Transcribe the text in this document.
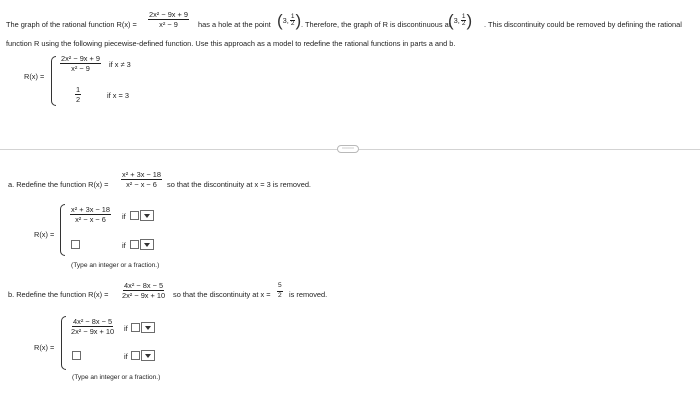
The graph of the rational function $R(x) = \frac{\text{2x² − 9x + 9}}{\text{x² − 9}}$ has a hole at the point ( 3, $\frac{1}{2}$ ) . Therefore, the graph of R is discontinuous at
( 3, $\frac{1}{2}$ ) . This discontinuity could be removed by defining the rational
function R using the following piecewise-defined function. Use this approach as a model to redefine the rational functions in parts a and b.
R(x) =
$\frac{\text{2x² − 9x + 9}}{\text{x² − 9}}$ if x ≠ 3
$\frac{1}{2}$	if x = 3
⋯⋯
a. Redefine the function $R(x) = \frac{\text{x² + 3x − 18}}{\text{x² − x − 6}}$ so that the discontinuity at x = 3 is removed.
R(x) =
$\frac{\text{x² + 3x − 18}}{\text{x² − x − 6}}$ if
if
(Type an integer or a fraction.)
b. Redefine the function $R(x) = \frac{\text{4x² − 8x − 5}}{\text{2x² − 9x + 10}}$ so that the discontinuity at $x = \frac{5}{2}$ is removed.
R(x) =
$\frac{\text{4x² − 8x − 5}}{\text{2x² − 9x + 10}}$ if
if
(Type an integer or a fraction.)
